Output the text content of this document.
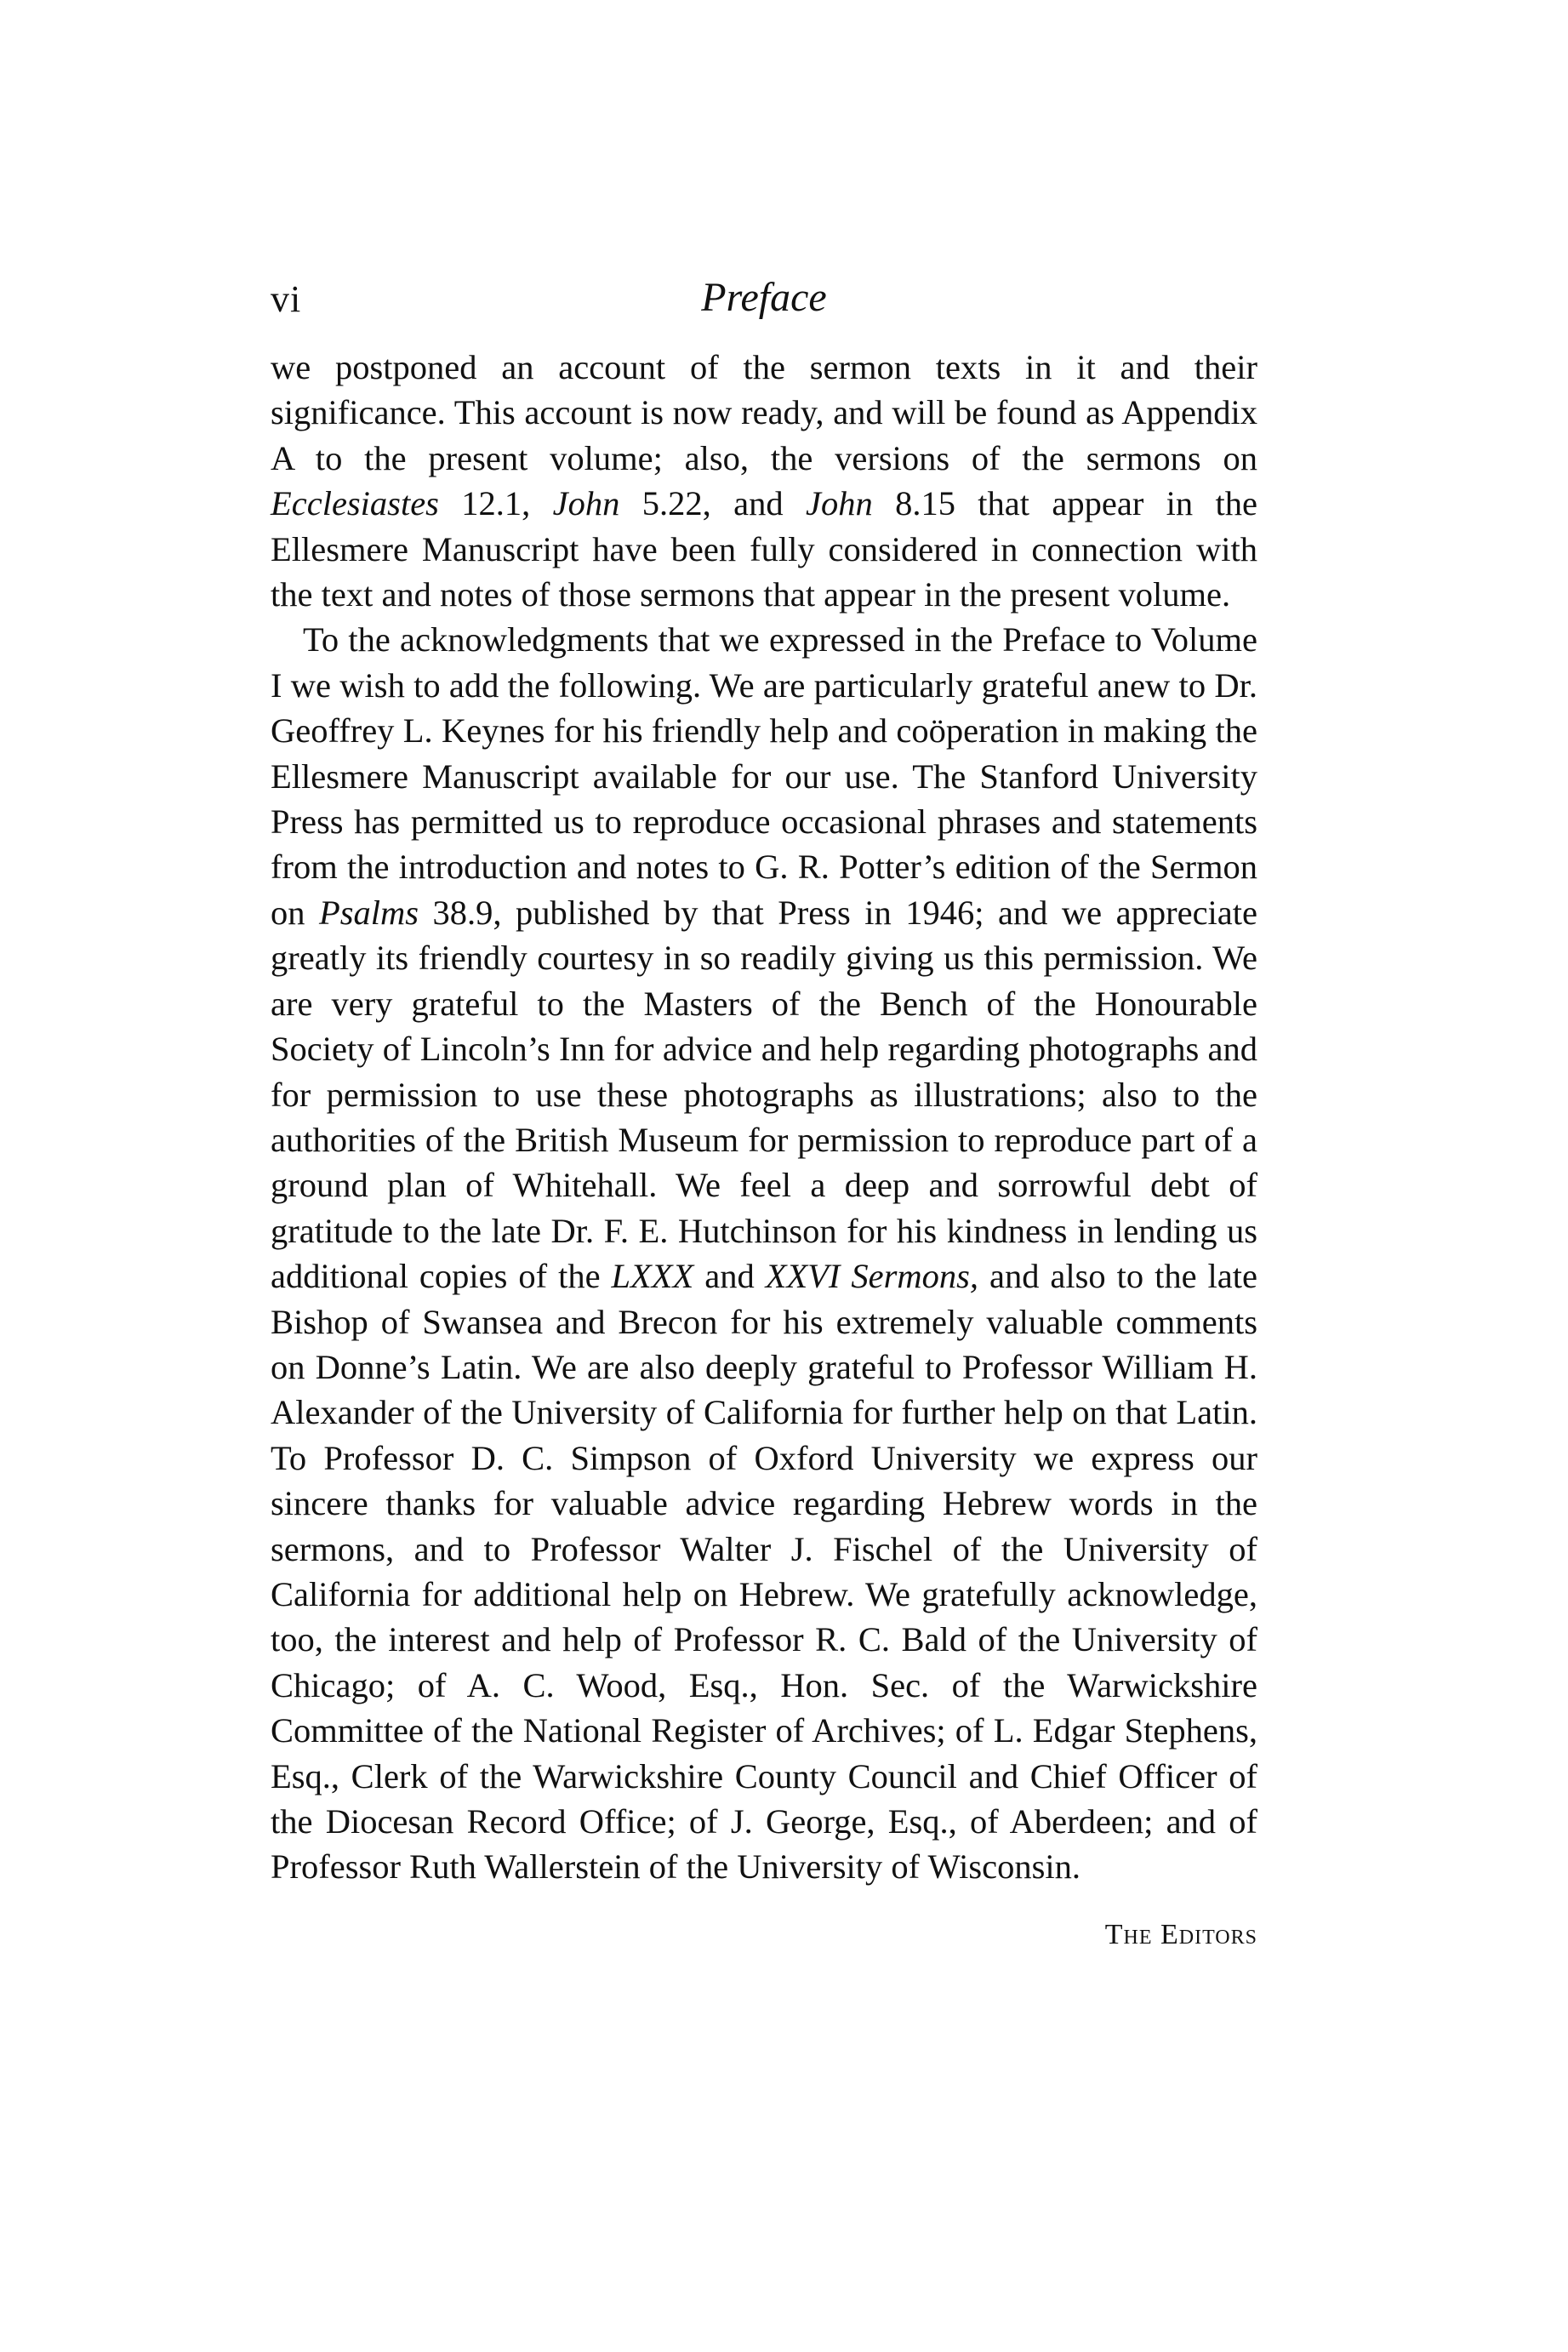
vi	Preface

we postponed an account of the sermon texts in it and their significance. This account is now ready, and will be found as Appendix A to the present volume; also, the versions of the sermons on Ecclesiastes 12.1, John 5.22, and John 8.15 that appear in the Ellesmere Manuscript have been fully considered in connection with the text and notes of those sermons that appear in the present volume.

To the acknowledgments that we expressed in the Preface to Volume I we wish to add the following. We are particularly grateful anew to Dr. Geoffrey L. Keynes for his friendly help and coöperation in making the Ellesmere Manuscript available for our use. The Stanford University Press has permitted us to reproduce occasional phrases and statements from the introduction and notes to G. R. Potter’s edition of the Sermon on Psalms 38.9, published by that Press in 1946; and we appreciate greatly its friendly courtesy in so readily giving us this permission. We are very grateful to the Masters of the Bench of the Honourable Society of Lincoln’s Inn for advice and help regarding photographs and for permission to use these photographs as illustrations; also to the authorities of the British Museum for permission to reproduce part of a ground plan of Whitehall. We feel a deep and sorrowful debt of gratitude to the late Dr. F. E. Hutchinson for his kindness in lending us additional copies of the LXXX and XXVI Sermons, and also to the late Bishop of Swansea and Brecon for his extremely valuable comments on Donne’s Latin. We are also deeply grateful to Professor William H. Alexander of the University of California for further help on that Latin. To Professor D. C. Simpson of Oxford University we express our sincere thanks for valuable advice regarding Hebrew words in the sermons, and to Professor Walter J. Fischel of the University of California for additional help on Hebrew. We gratefully acknowledge, too, the interest and help of Professor R. C. Bald of the University of Chicago; of A. C. Wood, Esq., Hon. Sec. of the Warwickshire Committee of the National Register of Archives; of L. Edgar Stephens, Esq., Clerk of the Warwickshire County Council and Chief Officer of the Diocesan Record Office; of J. George, Esq., of Aberdeen; and of Professor Ruth Wallerstein of the University of Wisconsin.

The Editors
